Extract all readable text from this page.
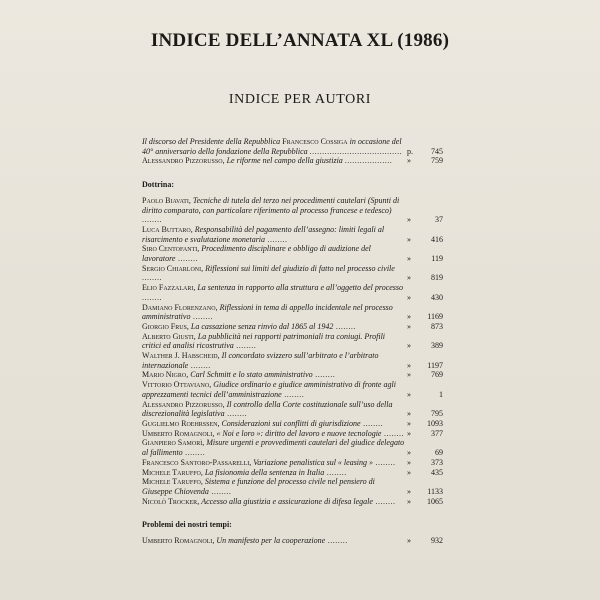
INDICE DELL’ANNATA XL (1986)
INDICE PER AUTORI
Il discorso del Presidente della Repubblica Francesco Cossiga in occasione del 40° anniversario della fondazione della Repubblica ..................................... p. 745
Alessandro Pizzorusso, Le riforme nel campo della giustizia ...................	»	759
Dottrina:
Paolo Biavati, Tecniche di tutela del terzo nei procedimenti cautelari (Spunti di diritto comparato, con particolare riferimento al processo francese e tedesco) ........	»	37
Luca Buttaro, Responsabilità del pagamento dell’assegno: limiti legali al risarcimento e svalutazione monetaria ........	»	416
Siro Centofanti, Procedimento disciplinare e obbligo di audizione del lavoratore ........	»	119
Sergio Chiarloni, Riflessioni sui limiti del giudizio di fatto nel processo civile ........	»	819
Elio Fazzalari, La sentenza in rapporto alla struttura e all’oggetto del processo ........	»	430
Damiano Florenzano, Riflessioni in tema di appello incidentale nel processo amministrativo ........	» 1169
Giorgio Frus, La cassazione senza rinvio dal 1865 al 1942 ........	»	873
Alberto Giusti, La pubblicità nei rapporti patrimoniali tra coniugi. Profili critici ed analisi ricostrutiva ........	»	389
Walther J. Habscheid, Il concordato svizzero sull’arbitrato e l’arbitrato internazionale ........	» 1197
Mario Nigro, Carl Schmitt e lo stato amministrativo ........	»	769
Vittorio Ottaviano, Giudice ordinario e giudice amministrativo di fronte agli apprezzamenti tecnici dell’amministrazione ........	»	1
Alessandro Pizzorusso, Il controllo della Corte costituzionale sull’uso della discrezionalità legislativa ........	»	795
Guglielmo Roehrssen, Considerazioni sui conflitti di giurisdizione ........	» 1093
Umberto Romagnoli, « Noi e loro »: diritto del lavoro e nuove tecnologie ........ »	377
Gianpiero Samorì, Misure urgenti e provvedimenti cautelari del giudice delegato al fallimento ........	»	69
Francesco Santoro-Passarelli, Variazione penalistica sul « leasing » ........	»	373
Michele Taruffo, La fisionomia della sentenza in Italia ........	»	435
Michele Taruffo, Sistema e funzione del processo civile nel pensiero di Giuseppe Chiovenda ........	» 1133
Nicolò Trocker, Accesso alla giustizia e assicurazione di difesa legale ........	» 1065
Problemi dei nostri tempi:
Umberto Romagnoli, Un manifesto per la cooperazione ........	»	932
